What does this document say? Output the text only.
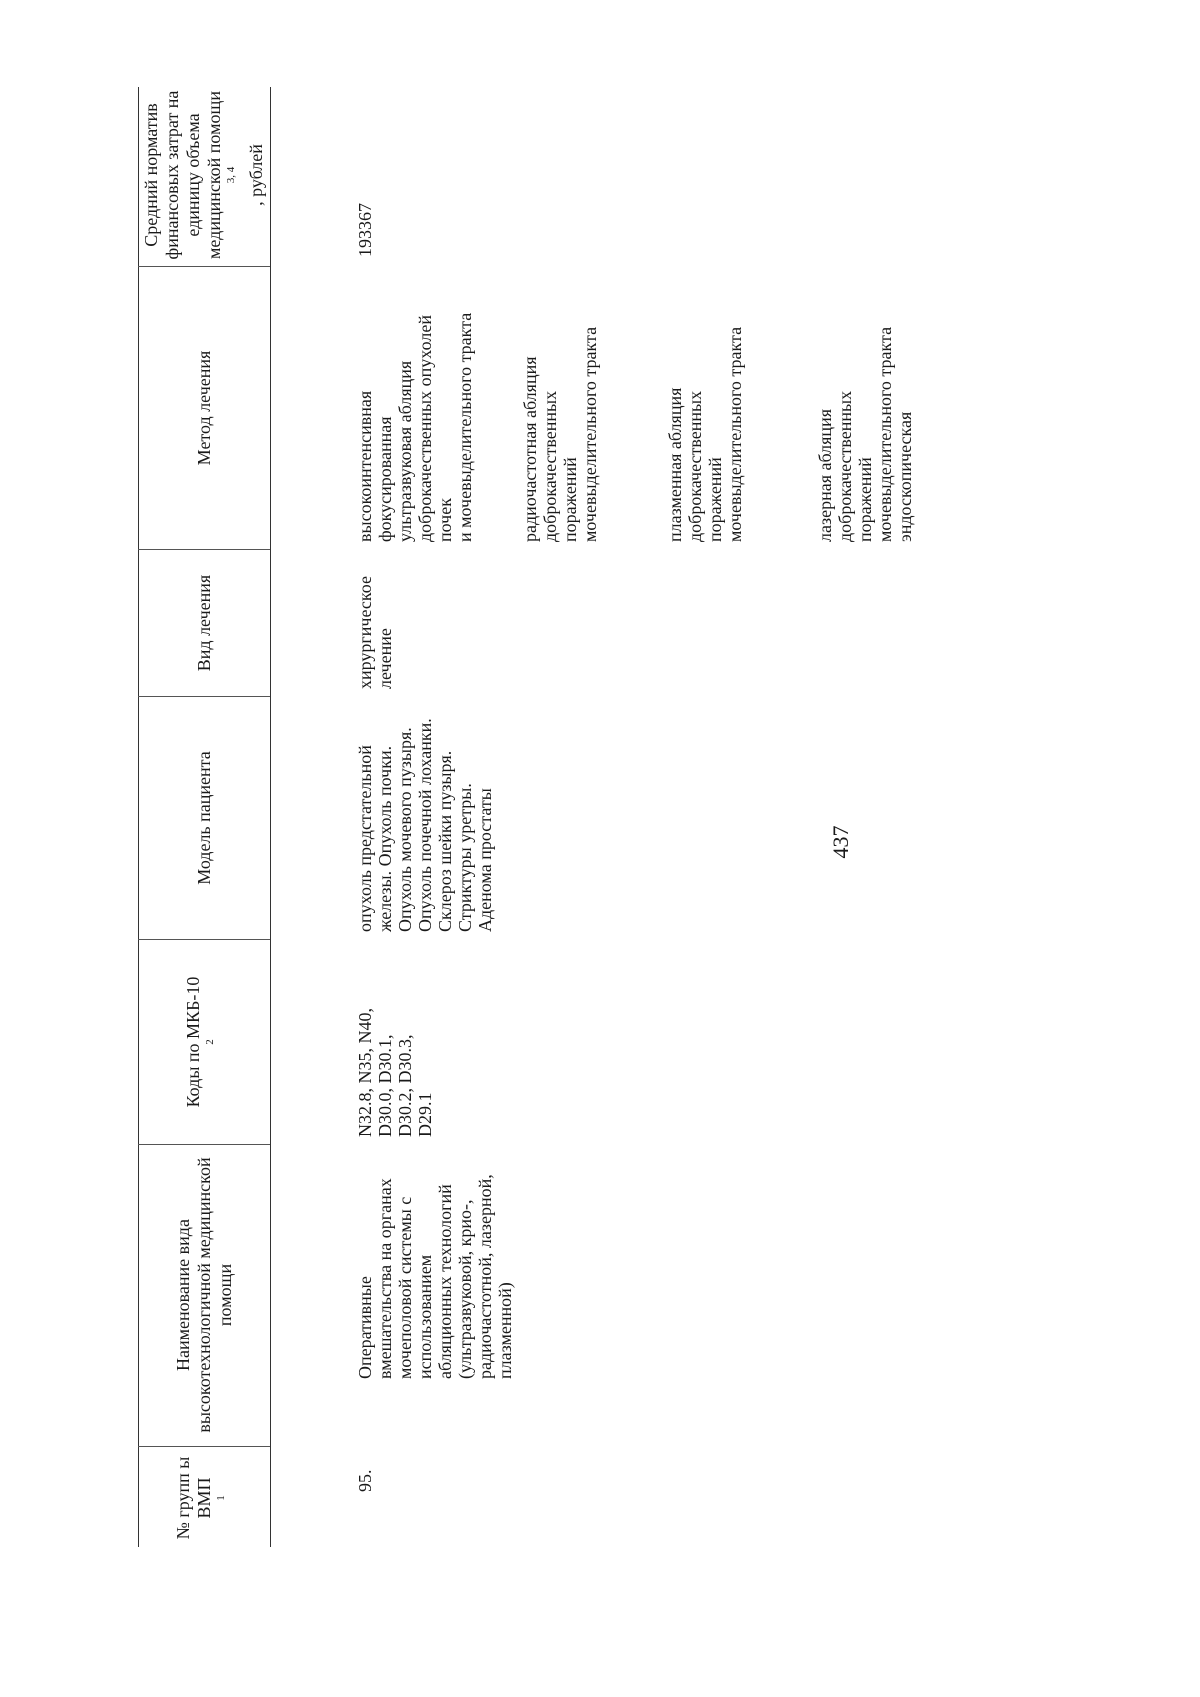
437
№ групп ы ВМП $^1$
Наименование вида высокотехнологичной медицинской помощи
Коды по МКБ-10 $^2$
Модель пациента
Вид лечения
Метод лечения
Средний норматив финансовых затрат на единицу объема медицинской помощи $^{3, 4}$ , рублей
95.
Оперативные
вмешательства на органах
мочеполовой системы с
использованием
абляционных технологий
(ультразвуковой, крио-,
радиочастотной, лазерной,
плазменной)
N32.8, N35, N40,
D30.0, D30.1,
D30.2, D30.3,
D29.1
опухоль предстательной
железы. Опухоль почки.
Опухоль мочевого пузыря.
Опухоль почечной лоханки.
Склероз шейки пузыря.
Стриктуры уретры.
Аденома простаты
хирургическое
лечение
высокоинтенсивная
фокусированная
ультразвуковая абляция
доброкачественных опухолей
почек
и мочевыделительного тракта
радиочастотная абляция
доброкачественных
поражений
мочевыделительного тракта
плазменная абляция
доброкачественных
поражений
мочевыделительного тракта
лазерная абляция
доброкачественных
поражений
мочевыделительного тракта
эндоскопическая
193367
